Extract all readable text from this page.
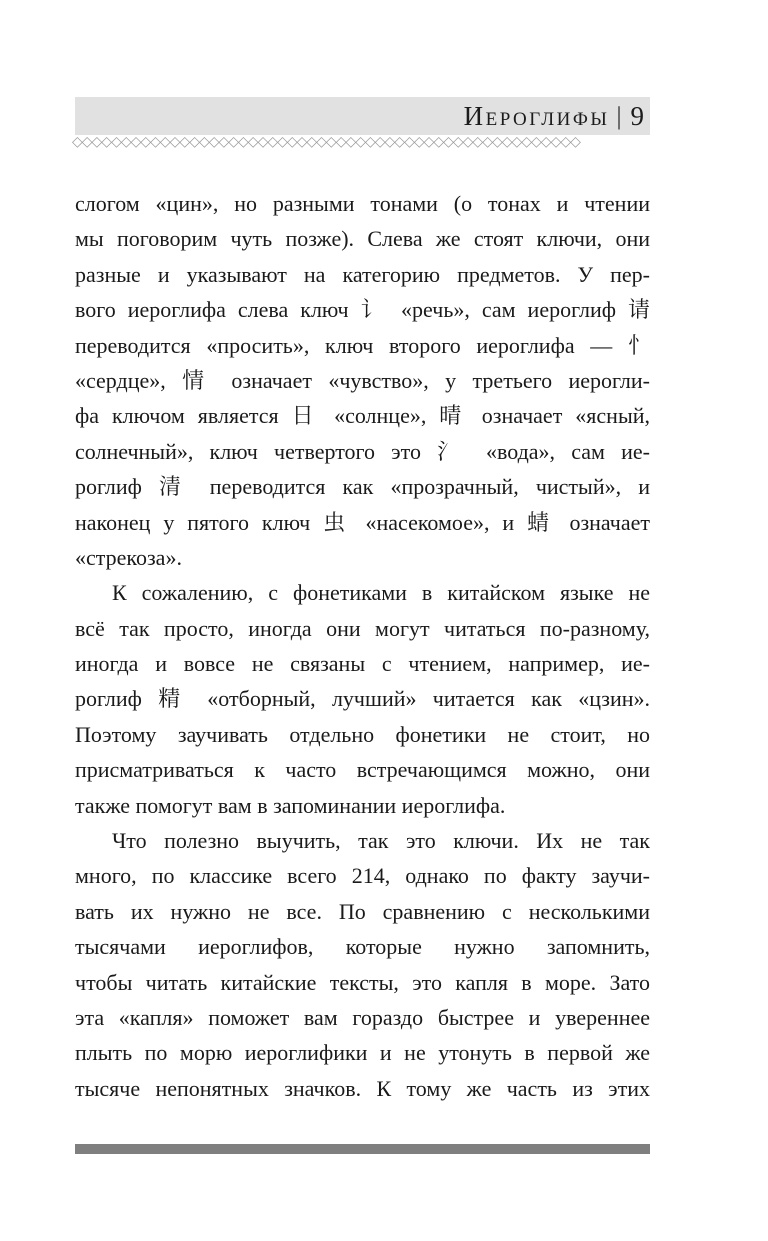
Иероглифы | 9
◇◇◇◇◇◇◇◇◇◇◇◇◇◇◇◇◇◇◇◇◇◇◇◇◇◇◇◇◇◇◇◇◇◇◇◇◇◇◇◇◇◇◇◇◇◇◇◇◇◇◇◇
слогом «цин», но разными тонами (о тонах и чтении
мы поговорим чуть позже). Слева же стоят ключи, они
разные и указывают на категорию предметов. У пер-
вого иероглифа слева ключ 讠 «речь», сам иероглиф 请
переводится «просить», ключ второго иероглифа — 忄
«сердце», 情 означает «чувство», у третьего иерогли-
фа ключом является 日 «солнце», 晴 означает «ясный,
солнечный», ключ четвертого это 氵 «вода», сам ие-
роглиф 清 переводится как «прозрачный, чистый», и
наконец у пятого ключ 虫 «насекомое», и 蜻 означает
«стрекоза».
К сожалению, с фонетиками в китайском языке не
всё так просто, иногда они могут читаться по-разному,
иногда и вовсе не связаны с чтением, например, ие-
роглиф 精 «отборный, лучший» читается как «цзин».
Поэтому заучивать отдельно фонетики не стоит, но
присматриваться к часто встречающимся можно, они
также помогут вам в запоминании иероглифа.
Что полезно выучить, так это ключи. Их не так
много, по классике всего 214, однако по факту заучи-
вать их нужно не все. По сравнению с несколькими
тысячами иероглифов, которые нужно запомнить,
чтобы читать китайские тексты, это капля в море. Зато
эта «капля» поможет вам гораздо быстрее и увереннее
плыть по морю иероглифики и не утонуть в первой же
тысяче непонятных значков. К тому же часть из этих
